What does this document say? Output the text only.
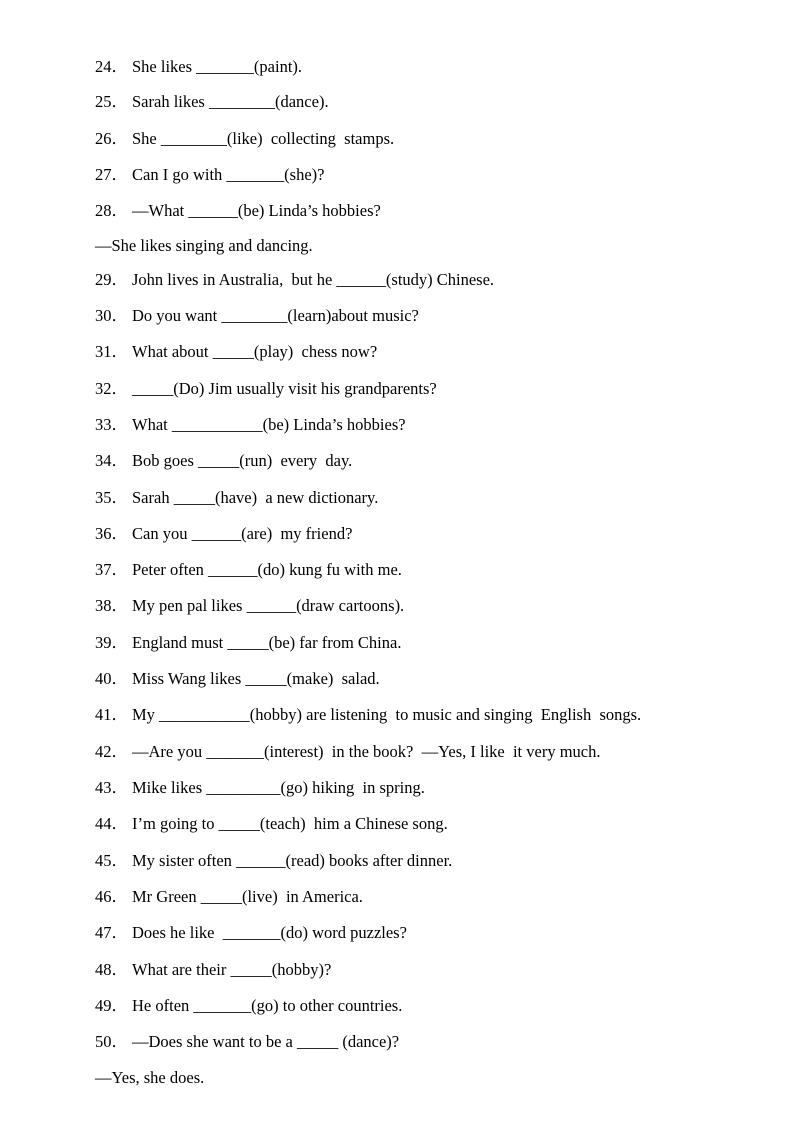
24． She likes _______(paint).
25． Sarah likes ________(dance).
26． She ________(like)  collecting  stamps.
27． Can I go with _______(she)?
28． —What ______(be) Linda’s hobbies?
—She likes singing and dancing.
29． John lives in Australia,  but he ______(study) Chinese.
30． Do you want ________(learn)about music?
31． What about _____(play)  chess now?
32． _____(Do) Jim usually visit his grandparents?
33． What ___________(be) Linda’s hobbies?
34． Bob goes _____(run)  every  day.
35． Sarah _____(have)  a new dictionary.
36． Can you ______(are)  my friend?
37． Peter often ______(do) kung fu with me.
38． My pen pal likes ______(draw cartoons).
39． England must _____(be) far from China.
40． Miss Wang likes _____(make)  salad.
41． My ___________(hobby) are listening  to music and singing  English  songs.
42． —Are you _______(interest)  in the book?  —Yes, I like  it very much.
43． Mike likes _________(go) hiking  in spring.
44． I’m going to _____(teach)  him a Chinese song.
45． My sister often ______(read) books after dinner.
46． Mr Green _____(live)  in America.
47． Does he like  _______(do) word puzzles?
48． What are their _____(hobby)?
49． He often _______(go) to other countries.
50． —Does she want to be a _____ (dance)?
—Yes, she does.
